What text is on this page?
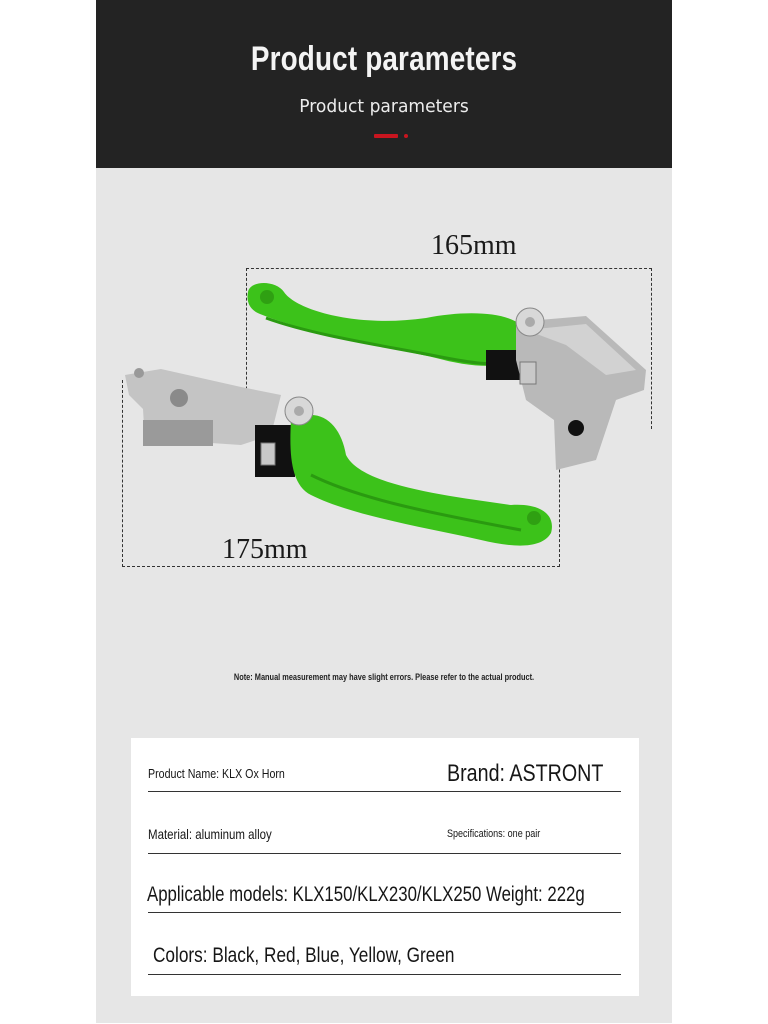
Product parameters
Product parameters
165mm
175mm
Note: Manual measurement may have slight errors. Please refer to the actual product.
Product Name: KLX Ox Horn	Brand: ASTRONT
Material: aluminum alloy	Specifications: one pair
Applicable models: KLX150/KLX230/KLX250 Weight: 222g
Colors: Black, Red, Blue, Yellow, Green
